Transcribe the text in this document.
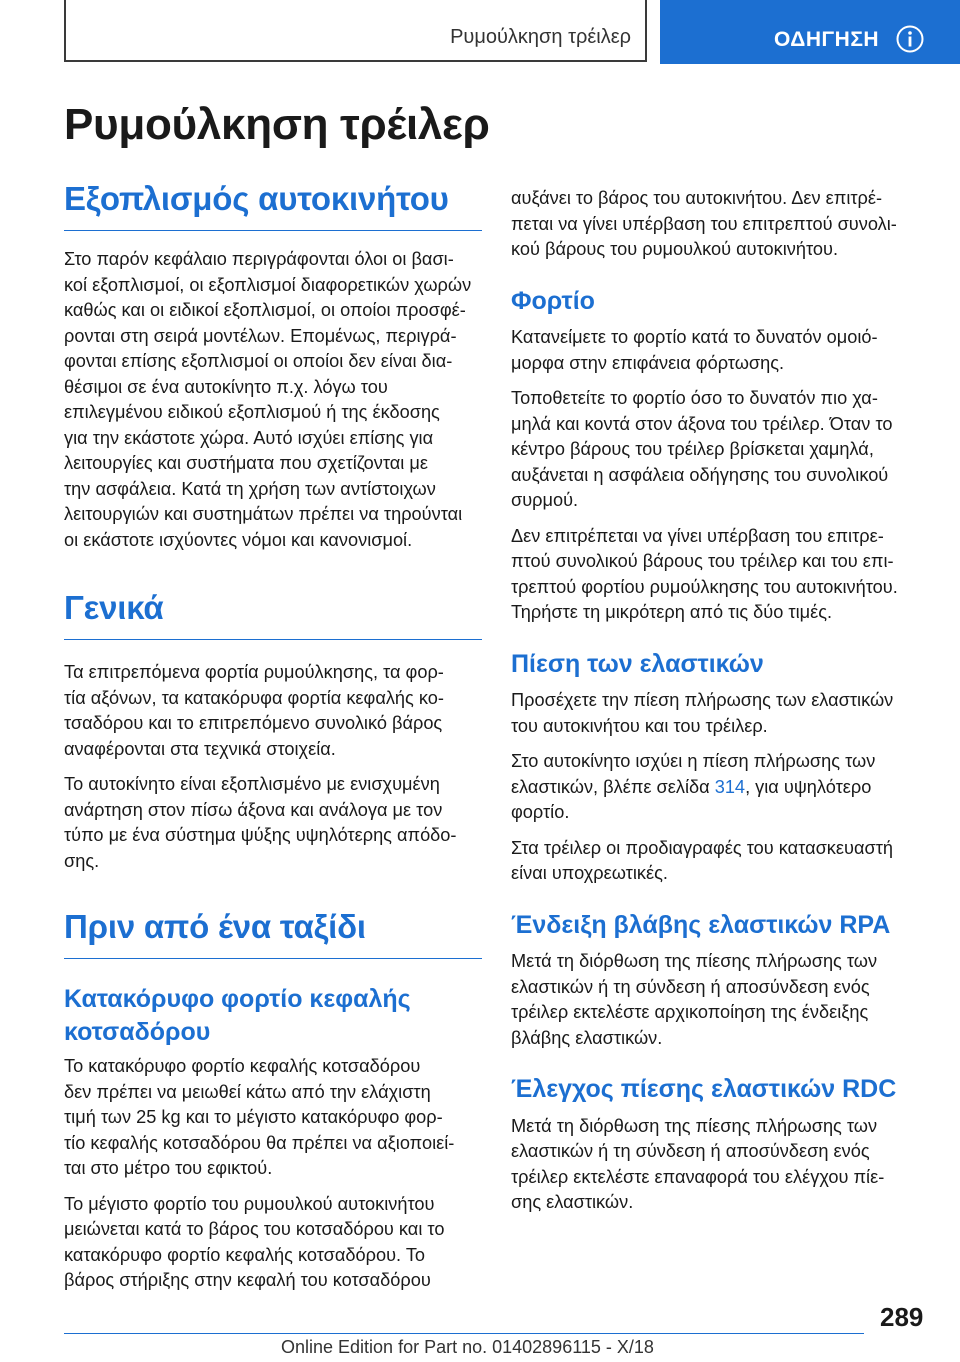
Ρυμούλκηση τρέιλερ	ΟΔΗΓΗΣΗ
Ρυμούλκηση τρέιλερ
Εξοπλισμός αυτοκινήτου

Στο παρόν κεφάλαιο περιγράφονται όλοι οι βασι-
κοί εξοπλισμοί, οι εξοπλισμοί διαφορετικών χωρών
καθώς και οι ειδικοί εξοπλισμοί, οι οποίοι προσφέ-
ρονται στη σειρά μοντέλων. Επομένως, περιγρά-
φονται επίσης εξοπλισμοί οι οποίοι δεν είναι δια-
θέσιμοι σε ένα αυτοκίνητο π.χ. λόγω του
επιλεγμένου ειδικού εξοπλισμού ή της έκδοσης
για την εκάστοτε χώρα. Αυτό ισχύει επίσης για
λειτουργίες και συστήματα που σχετίζονται με
την ασφάλεια. Κατά τη χρήση των αντίστοιχων
λειτουργιών και συστημάτων πρέπει να τηρούνται
οι εκάστοτε ισχύοντες νόμοι και κανονισμοί.

Γενικά

Τα επιτρεπόμενα φορτία ρυμούλκησης, τα φορ-
τία αξόνων, τα κατακόρυφα φορτία κεφαλής κο-
τσαδόρου και το επιτρεπόμενο συνολικό βάρος
αναφέρονται στα τεχνικά στοιχεία.

Το αυτοκίνητο είναι εξοπλισμένο με ενισχυμένη
ανάρτηση στον πίσω άξονα και ανάλογα με τον
τύπο με ένα σύστημα ψύξης υψηλότερης απόδο-
σης.

Πριν από ένα ταξίδι
Κατακόρυφο φορτίο κεφαλής
κοτσαδόρου

Το κατακόρυφο φορτίο κεφαλής κοτσαδόρου
δεν πρέπει να μειωθεί κάτω από την ελάχιστη
τιμή των 25 kg και το μέγιστο κατακόρυφο φορ-
τίο κεφαλής κοτσαδόρου θα πρέπει να αξιοποιεί-
ται στο μέτρο του εφικτού.

Το μέγιστο φορτίο του ρυμουλκού αυτοκινήτου
μειώνεται κατά το βάρος του κοτσαδόρου και το
κατακόρυφο φορτίο κεφαλής κοτσαδόρου. Το
βάρος στήριξης στην κεφαλή του κοτσαδόρου

αυξάνει το βάρος του αυτοκινήτου. Δεν επιτρέ-
πεται να γίνει υπέρβαση του επιτρεπτού συνολι-
κού βάρους του ρυμουλκού αυτοκινήτου.

Φορτίο

Κατανείμετε το φορτίο κατά το δυνατόν ομοιό-
μορφα στην επιφάνεια φόρτωσης.

Τοποθετείτε το φορτίο όσο το δυνατόν πιο χα-
μηλά και κοντά στον άξονα του τρέιλερ. Όταν το
κέντρο βάρους του τρέιλερ βρίσκεται χαμηλά,
αυξάνεται η ασφάλεια οδήγησης του συνολικού
συρμού.

Δεν επιτρέπεται να γίνει υπέρβαση του επιτρε-
πτού συνολικού βάρους του τρέιλερ και του επι-
τρεπτού φορτίου ρυμούλκησης του αυτοκινήτου.
Τηρήστε τη μικρότερη από τις δύο τιμές.

Πίεση των ελαστικών

Προσέχετε την πίεση πλήρωσης των ελαστικών
του αυτοκινήτου και του τρέιλερ.

Στο αυτοκίνητο ισχύει η πίεση πλήρωσης των
ελαστικών, βλέπε σελίδα 314, για υψηλότερο
φορτίο.

Στα τρέιλερ οι προδιαγραφές του κατασκευαστή
είναι υποχρεωτικές.

Ένδειξη βλάβης ελαστικών RPA

Μετά τη διόρθωση της πίεσης πλήρωσης των
ελαστικών ή τη σύνδεση ή αποσύνδεση ενός
τρέιλερ εκτελέστε αρχικοποίηση της ένδειξης
βλάβης ελαστικών.

Έλεγχος πίεσης ελαστικών RDC

Μετά τη διόρθωση της πίεσης πλήρωσης των
ελαστικών ή τη σύνδεση ή αποσύνδεση ενός
τρέιλερ εκτελέστε επαναφορά του ελέγχου πίε-
σης ελαστικών.

289
Online Edition for Part no. 01402896115 - X/18
